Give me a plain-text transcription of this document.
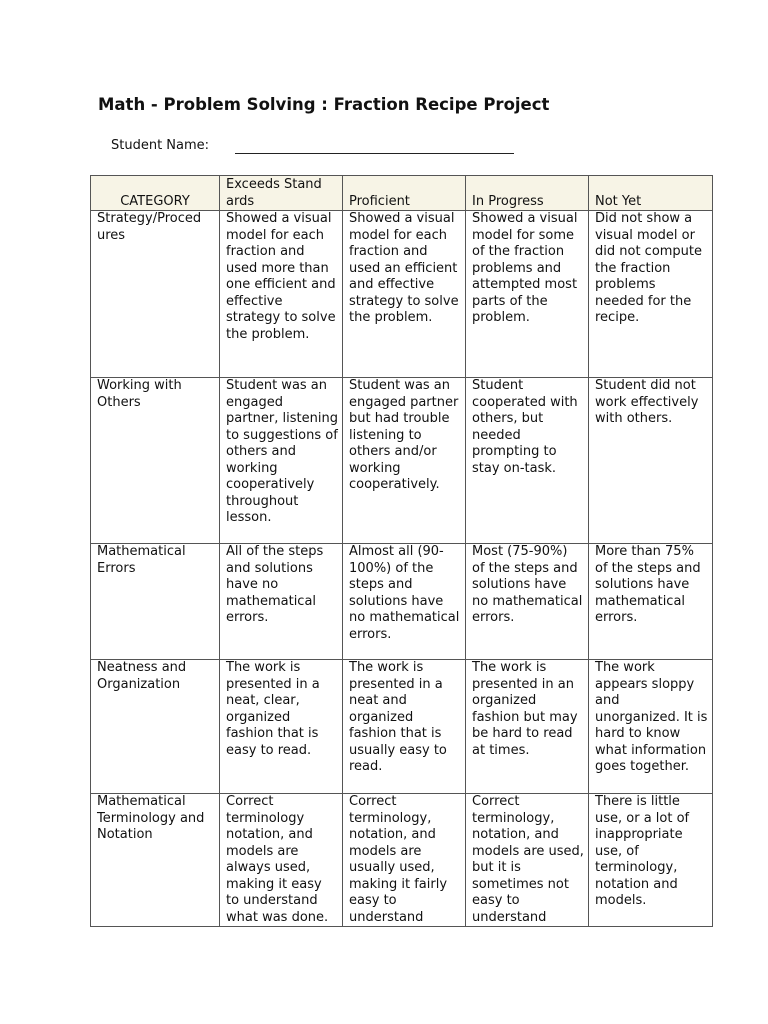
Math - Problem Solving : Fraction Recipe Project
Student Name:
CATEGORY	Exceeds Stand ards	Proficient	In Progress	Not Yet
Strategy/Proced ures	Showed a visual model for each fraction and used more than one efficient and effective strategy to solve the problem.	Showed a visual model for each fraction and used an efficient and effective strategy to solve the problem.	Showed a visual model for some of the fraction problems and attempted most parts of the problem.	Did not show a visual model or did not compute the fraction problems needed for the recipe.
Working with Others	Student was an engaged partner, listening to suggestions of others and working cooperatively throughout lesson.	Student was an engaged partner but had trouble listening to others and/or working cooperatively.	Student cooperated with others, but needed prompting to stay on-task.	Student did not work effectively with others.
Mathematical Errors	All of the steps and solutions have no mathematical errors.	Almost all (90-100%) of the steps and solutions have no mathematical errors.	Most (75-90%) of the steps and solutions have no mathematical errors.	More than 75% of the steps and solutions have mathematical errors.
Neatness and Organization	The work is presented in a neat, clear, organized fashion that is easy to read.	The work is presented in a neat and organized fashion that is usually easy to read.	The work is presented in an organized fashion but may be hard to read at times.	The work appears sloppy and unorganized. It is hard to know what information goes together.
Mathematical Terminology and Notation	Correct terminology notation, and models are always used, making it easy to understand what was done.	Correct terminology, notation, and models are usually used, making it fairly easy to understand	Correct terminology, notation, and models are used, but it is sometimes not easy to understand	There is little use, or a lot of inappropriate use, of terminology, notation and models.
